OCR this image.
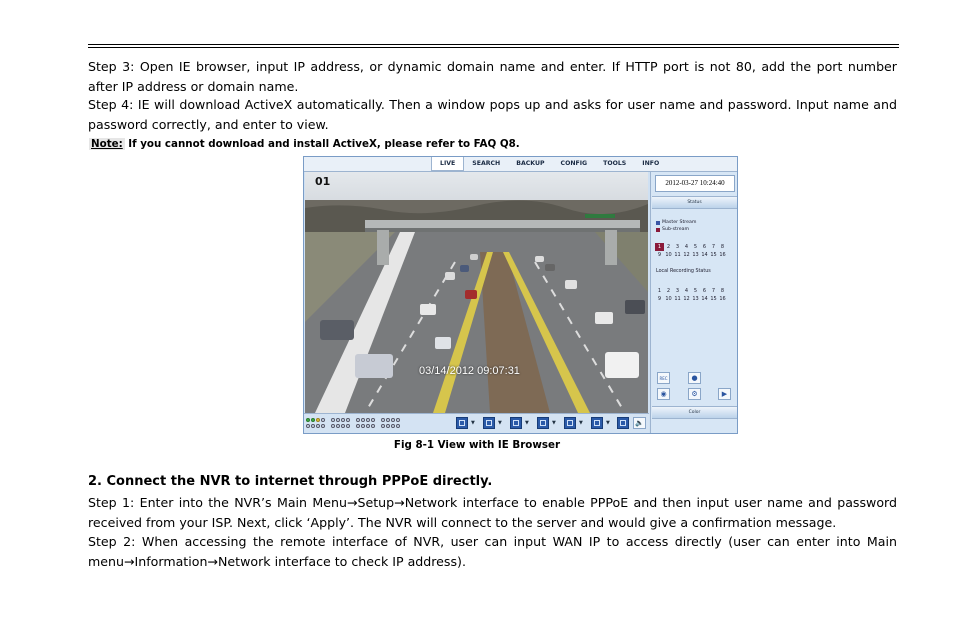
Step 3: Open IE browser, input IP address, or dynamic domain name and enter. If HTTP port is not 80, add the port number after IP address or domain name.
Step 4: IE will download ActiveX automatically. Then a window pops up and asks for user name and password. Input name and password correctly, and enter to view.
Note: If you cannot download and install ActiveX, please refer to FAQ Q8.
LIVE	SEARCH	BACKUP	CONFIG	TOOLS	INFO
01
03/14/2012 09:07:31
2012-03-27 10:24:40
Status
Master Stream
Sub-stream
1	2	3	4	5	6	7	8
9 10 11 12 13 14 15 16
Local Recording Status
1	2	3	4	5	6	7	8
9 10 11 12 13 14 15 16
REC	●
◉	⚙	▶
Color
▼	▼	▼	▼	▼	▼	🔈
Fig 8-1 View with IE Browser
2. Connect the NVR to internet through PPPoE directly.
Step 1: Enter into the NVR’s Main Menu→Setup→Network interface to enable PPPoE and then input user name and password received from your ISP. Next, click ‘Apply’. The NVR will connect to the server and would give a confirmation message.
Step 2: When accessing the remote interface of NVR, user can input WAN IP to access directly (user can enter into Main menu→Information→Network interface to check IP address).
